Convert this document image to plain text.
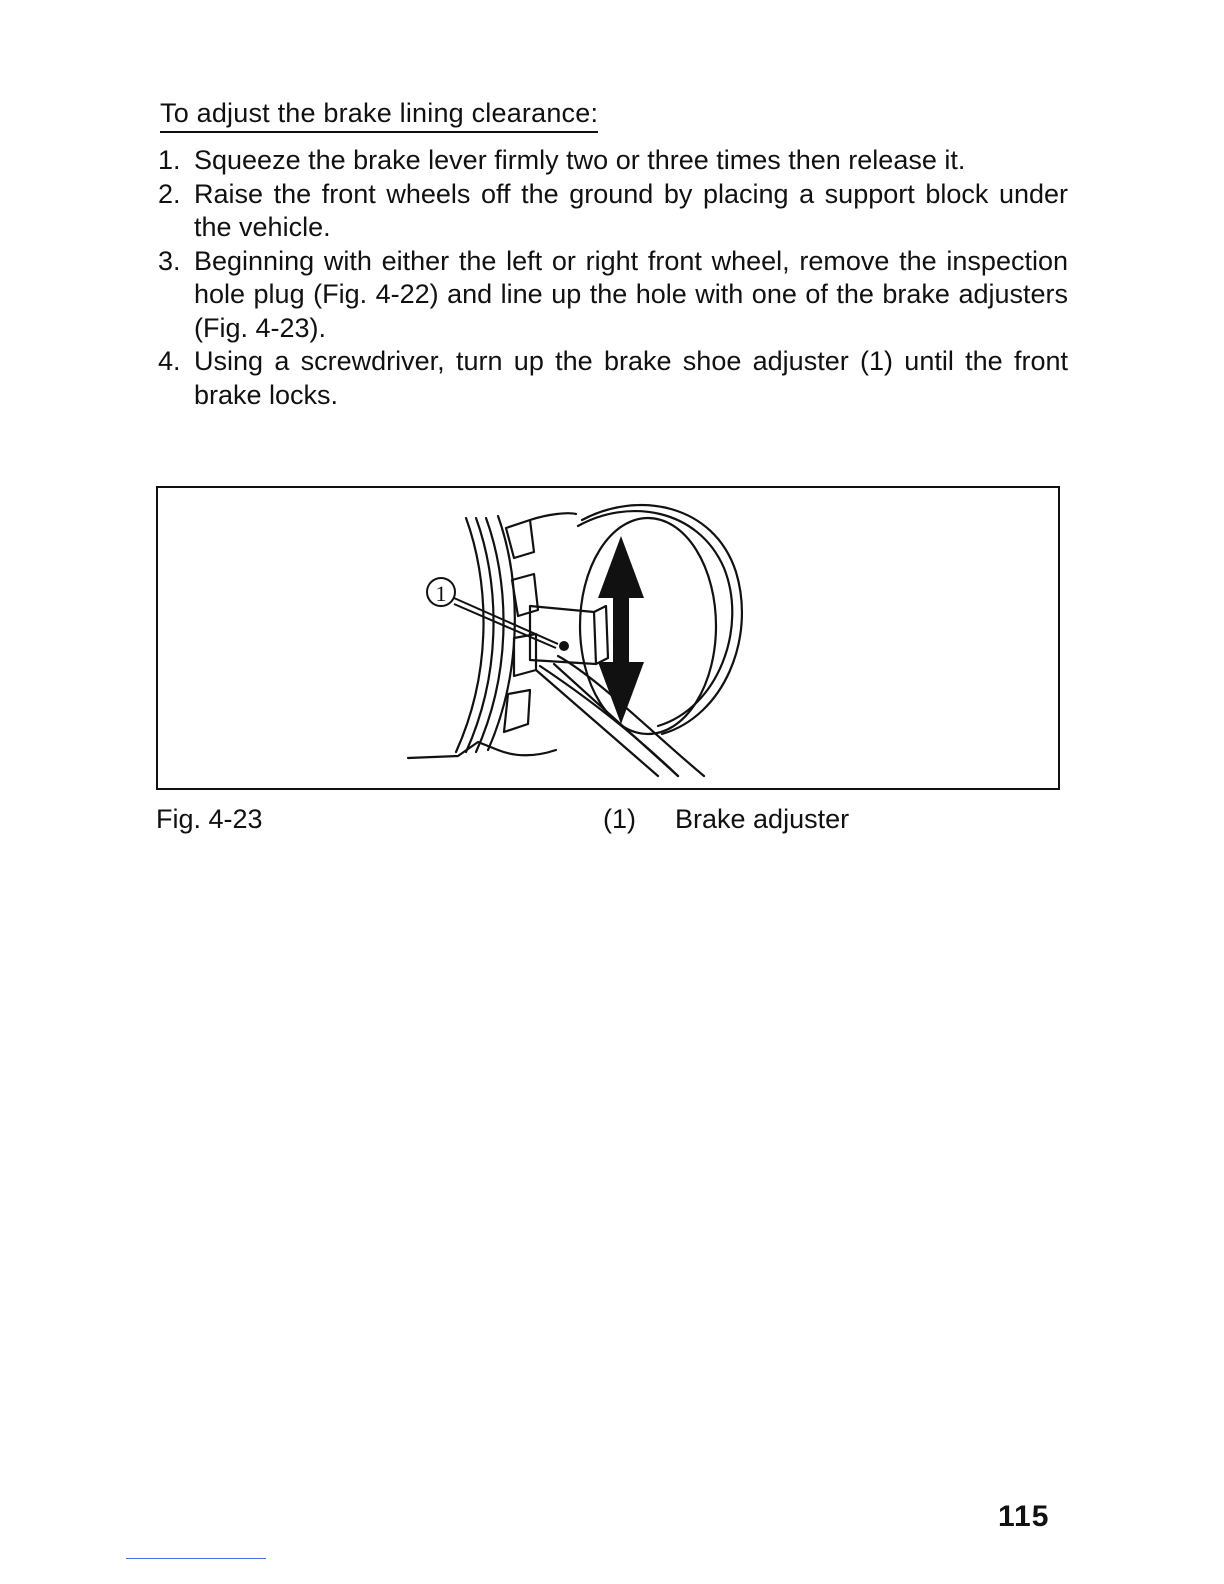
To adjust the brake lining clearance:
1. Squeeze the brake lever firmly two or three times then release it.
2. Raise the front wheels off the ground by placing a support block under the vehicle.
3. Beginning with either the left or right front wheel, remove the inspection hole plug (Fig. 4-22) and line up the hole with one of the brake adjusters (Fig. 4-23).
4. Using a screwdriver, turn up the brake shoe adjuster (1) until the front brake locks.
1
Fig. 4-23	(1) Brake adjuster
115
